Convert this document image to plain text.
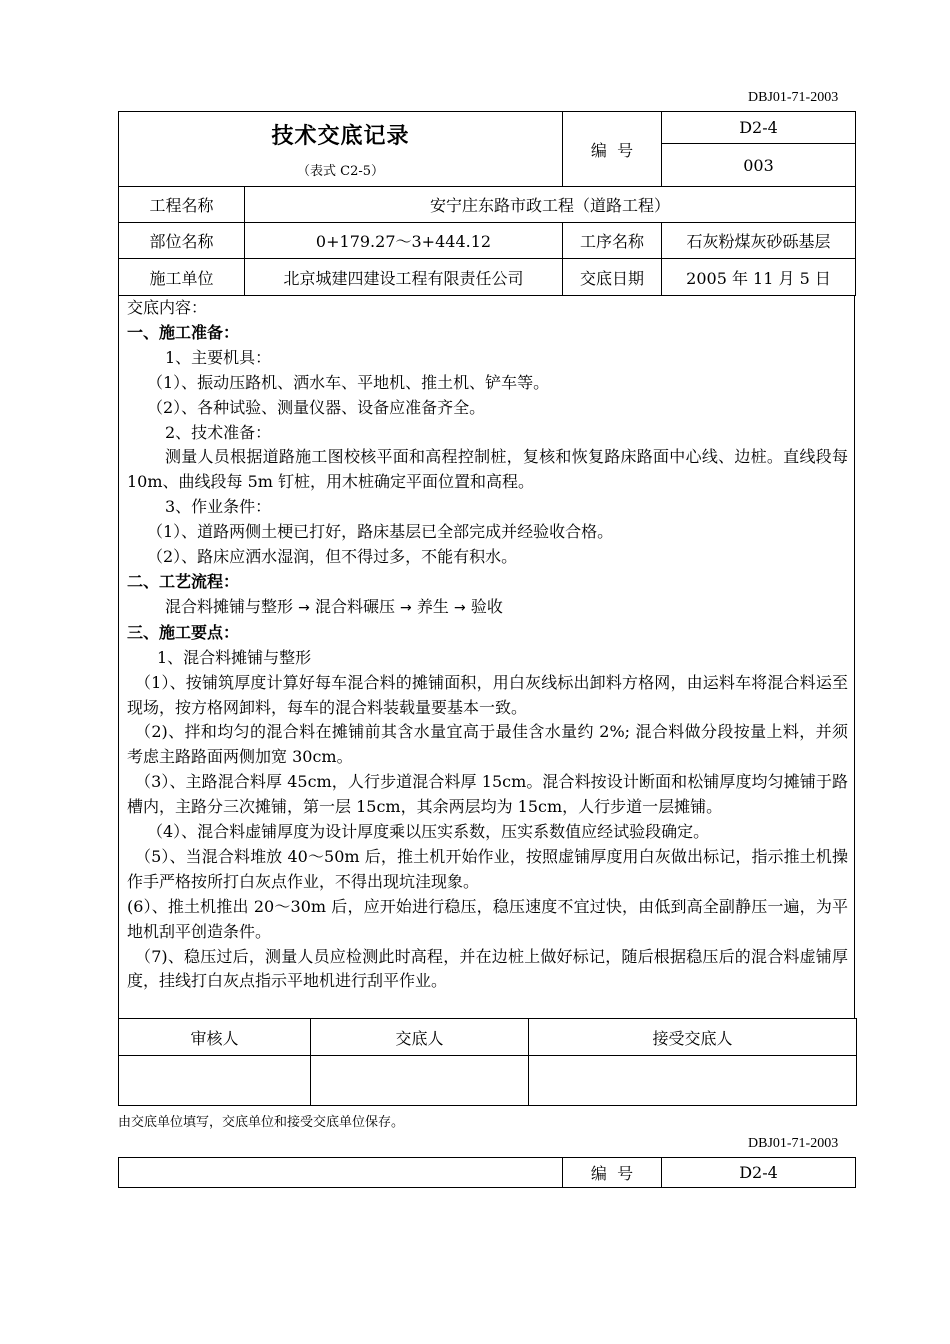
DBJ01-71-2003
技术交底记录
（表式 C2-5）		编  号	D2-4
			003
工程名称	安宁庄东路市政工程（道路工程）		
部位名称	0+179.27～3+444.12	工序名称	石灰粉煤灰砂砾基层
施工单位	北京城建四建设工程有限责任公司	交底日期	2005 年 11 月 5 日

交底内容：

一、施工准备：

1、主要机具：

（1）、振动压路机、洒水车、平地机、推土机、铲车等。

（2）、各种试验、测量仪器、设备应准备齐全。

2、技术准备：

测量人员根据道路施工图校核平面和高程控制桩，复核和恢复路床路面中心线、边桩。直线段每 10m、曲线段每 5m 钉桩，用木桩确定平面位置和高程。

3、作业条件：

（1）、道路两侧土梗已打好，路床基层已全部完成并经验收合格。

（2）、路床应洒水湿润，但不得过多，不能有积水。

二、工艺流程：

混合料摊铺与整形 → 混合料碾压 → 养生 → 验收

三、施工要点：

1、混合料摊铺与整形

（1）、按铺筑厚度计算好每车混合料的摊铺面积，用白灰线标出卸料方格网，由运料车将混合料运至现场，按方格网卸料，每车的混合料装载量要基本一致。

（2)、拌和均匀的混合料在摊铺前其含水量宜高于最佳含水量约 2%; 混合料做分段按量上料，并须考虑主路路面两侧加宽 30cm。

（3）、主路混合料厚 45cm，人行步道混合料厚 15cm。混合料按设计断面和松铺厚度均匀摊铺于路槽内，主路分三次摊铺，第一层 15cm，其余两层均为 15cm，人行步道一层摊铺。

（4）、混合料虚铺厚度为设计厚度乘以压实系数，压实系数值应经试验段确定。

（5）、当混合料堆放 40～50m 后，推土机开始作业，按照虚铺厚度用白灰做出标记，指示推土机操作手严格按所打白灰点作业，不得出现坑洼现象。

(6）、推土机推出 20～30m 后，应开始进行稳压，稳压速度不宜过快，由低到高全副静压一遍，为平地机刮平创造条件。

（7)、稳压过后，测量人员应检测此时高程，并在边桩上做好标记，随后根据稳压后的混合料虚铺厚度，挂线打白灰点指示平地机进行刮平作业。

审核人	交底人	接受交底人

由交底单位填写，交底单位和接受交底单位保存。
DBJ01-71-2003
	编  号	D2-4
